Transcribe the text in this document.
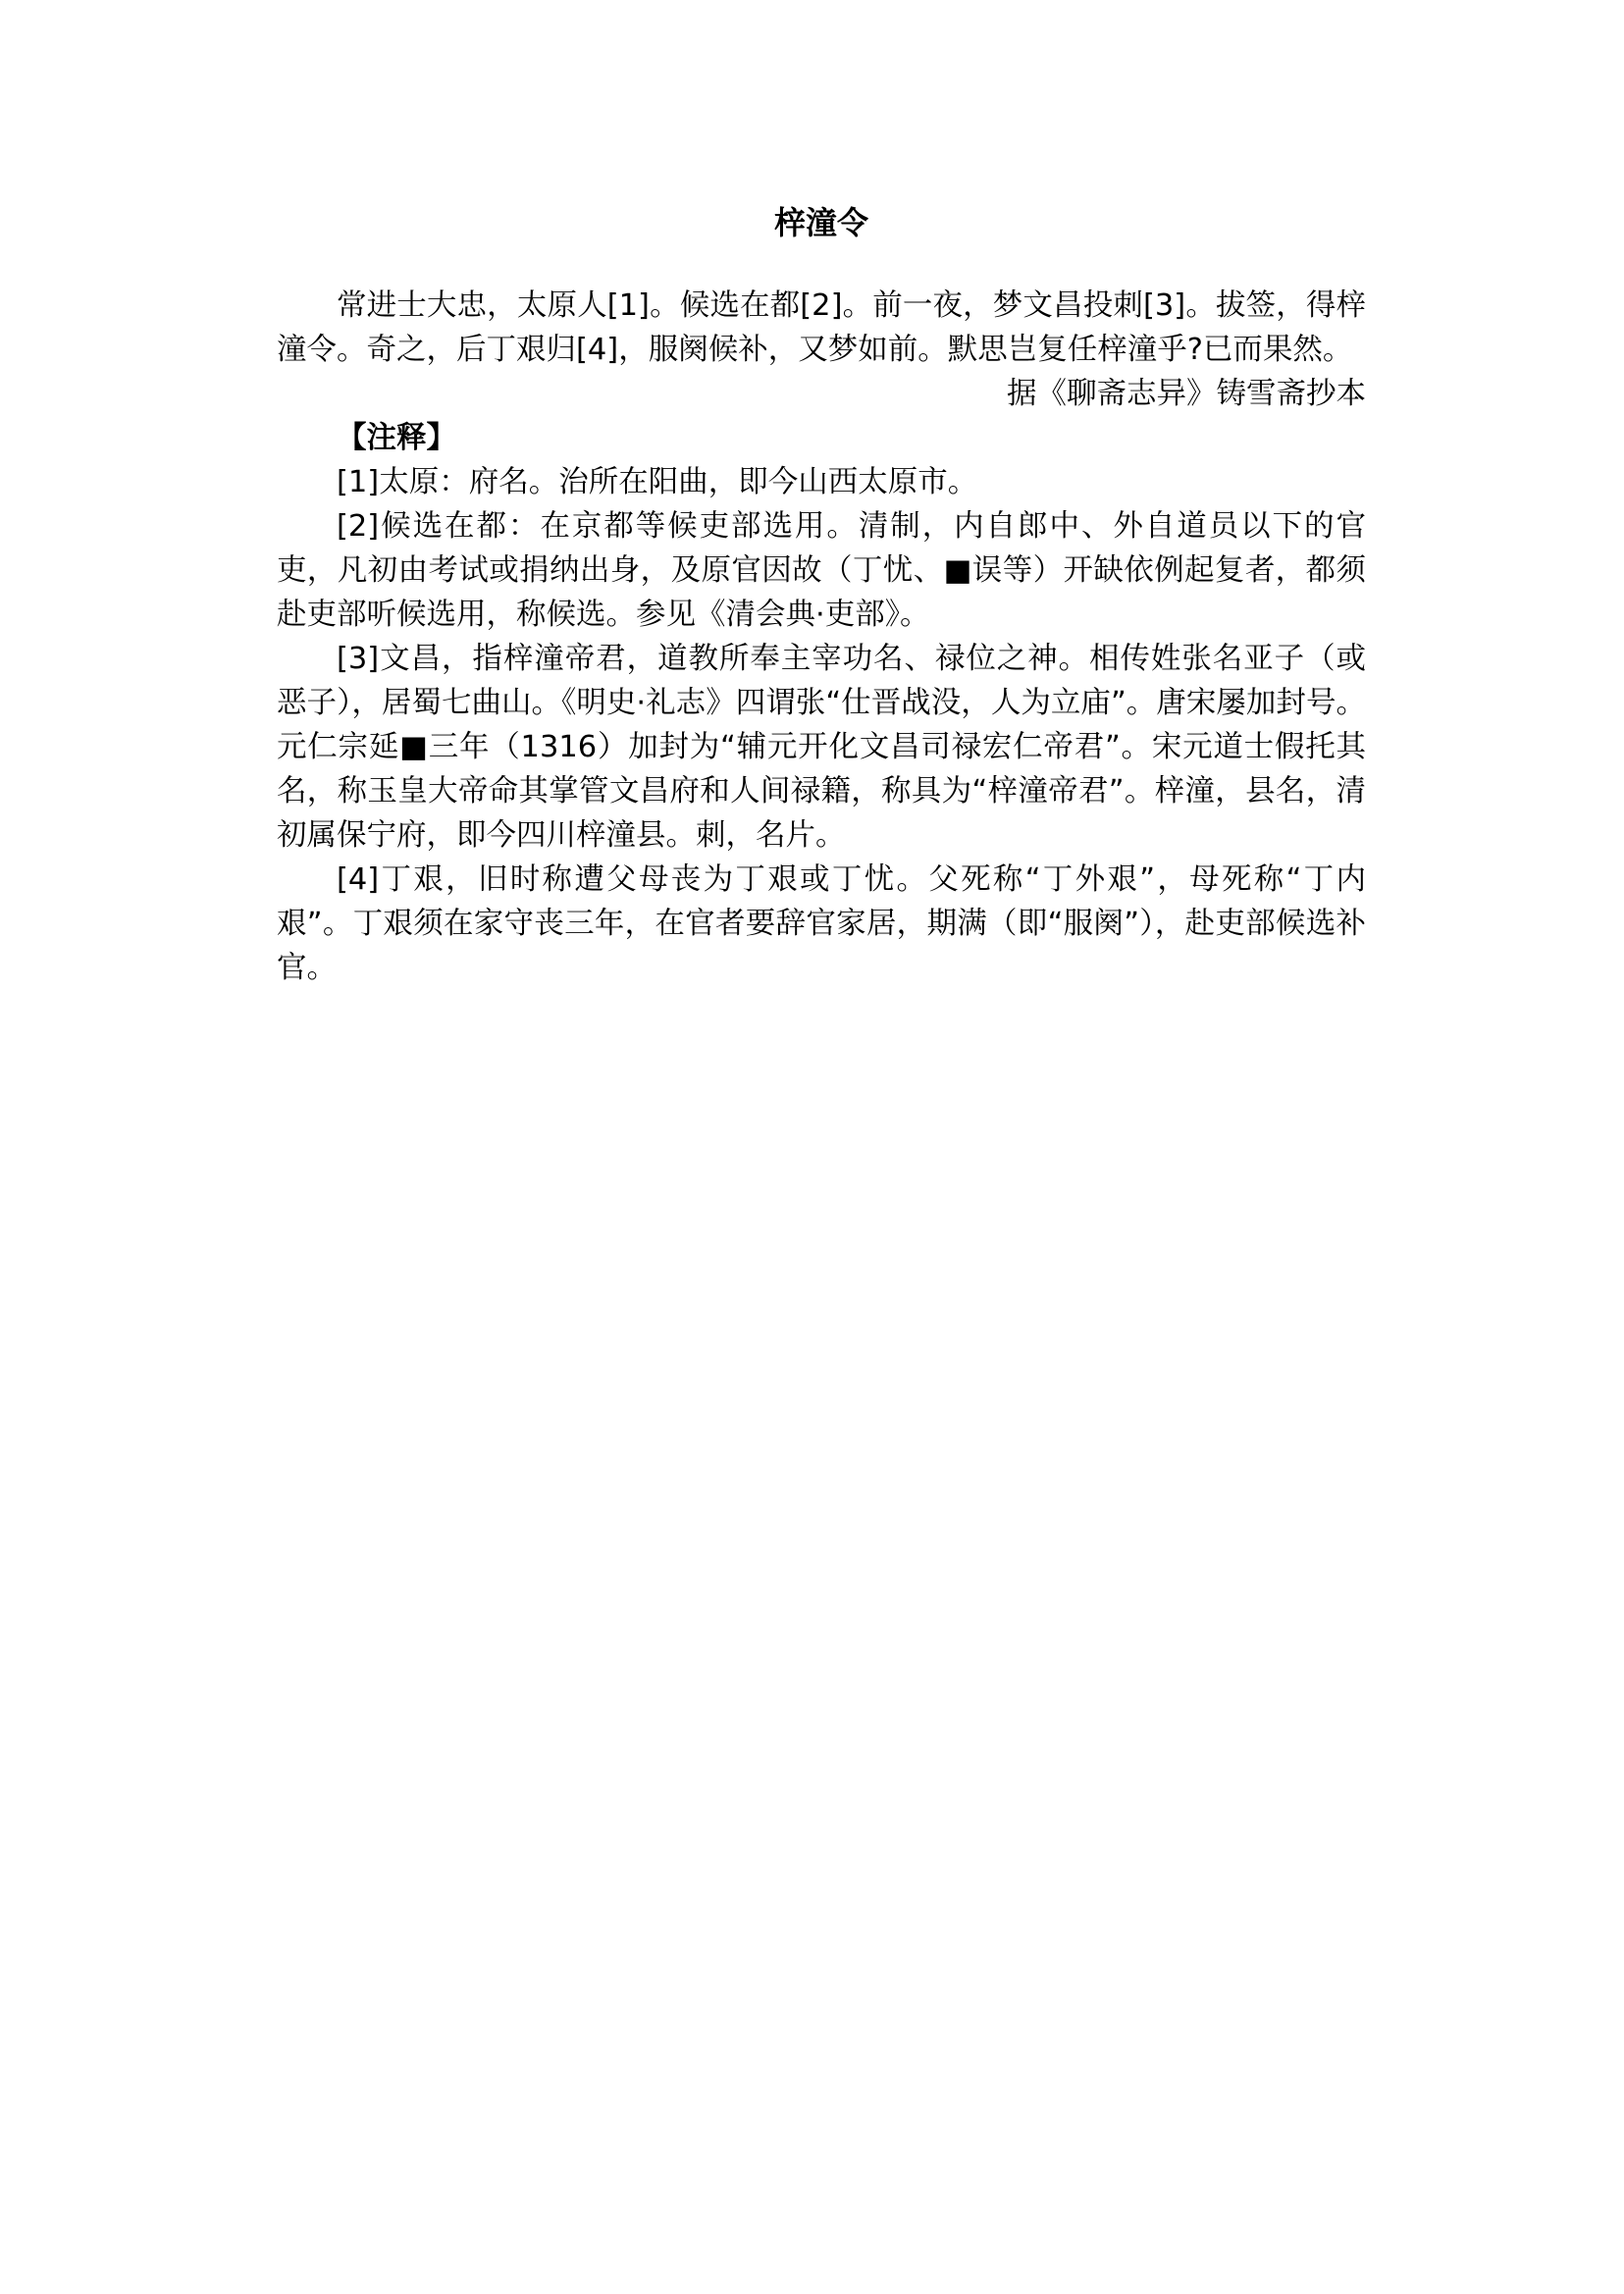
梓潼令

常进士大忠，太原人[1]。候选在都[2]。前一夜，梦文昌投刺[3]。拔签，得梓潼令。奇之，后丁艰归[4]，服阕候补，又梦如前。默思岂复任梓潼乎?已而果然。

据《聊斋志异》铸雪斋抄本

【注释】

[1]太原：府名。治所在阳曲，即今山西太原市。

[2]候选在都：在京都等候吏部选用。清制，内自郎中、外自道员以下的官吏，凡初由考试或捐纳出身，及原官因故（丁忧、■误等）开缺依例起复者，都须赴吏部听候选用，称候选。参见《清会典·吏部》。

[3]文昌，指梓潼帝君，道教所奉主宰功名、禄位之神。相传姓张名亚子（或恶子），居蜀七曲山。《明史·礼志》四谓张“仕晋战没，人为立庙”。唐宋屡加封号。元仁宗延■三年（1316）加封为“辅元开化文昌司禄宏仁帝君”。宋元道士假托其名，称玉皇大帝命其掌管文昌府和人间禄籍，称具为“梓潼帝君”。梓潼，县名，清初属保宁府，即今四川梓潼县。刺，名片。

[4]丁艰，旧时称遭父母丧为丁艰或丁忧。父死称“丁外艰”，母死称“丁内艰”。丁艰须在家守丧三年，在官者要辞官家居，期满（即“服阕”），赴吏部候选补官。
